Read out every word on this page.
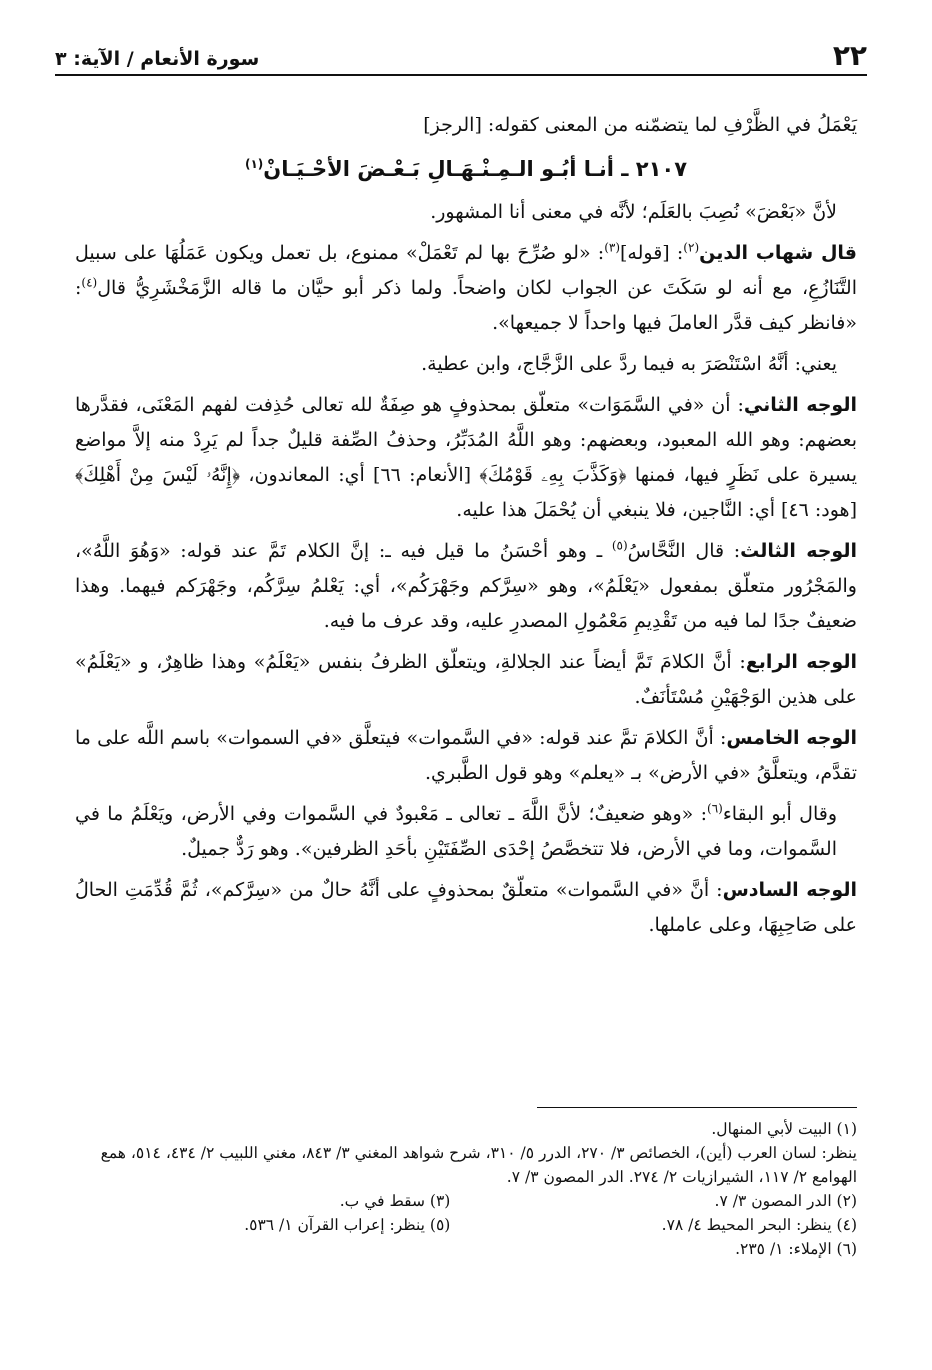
٢٢
سورة الأنعام / الآية: ٣

يَعْمَلُ في الظَّرْفِ لما يتضمّنه من المعنى كقوله: [الرجز]

٢١٠٧ ـ أنـا أبُـو الـمِـنْـهَـالِ بَـعْـضَ الأحْـيَـانْ$^{(١)}$

لأنَّ «بَعْضَ» نُصِبَ بالعَلَم؛ لأنَّه في معنى أنا المشهور.

قال شهاب الدين$^{(٢)}$: [قوله]$^{(٣)}$: «لو صُرِّحَ بها لم تَعْمَلْ» ممنوع، بل تعمل ويكون عَمَلُهَا على سبيل التَّنَازُعِ، مع أنه لو سَكَتَ عن الجواب لكان واضحاً. ولما ذكر أبو حيَّان ما قاله الزَّمَخْشَرِيُّ قال$^{(٤)}$: «فانظر كيف قدَّر العاملَ فيها واحداً لا جميعها».

يعني: أنَّهُ اسْتَنْصَرَ به فيما ردَّ على الزَّجَّاج، وابن عطية.

الوجه الثاني: أن «في السَّمَوَات» متعلّق بمحذوفٍ هو صِفَةٌ لله تعالى حُذِفت لفهم المَعْنَى، فقدَّرها بعضهم: وهو الله المعبود، وبعضهم: وهو اللَّهُ المُدَبِّرُ، وحذفُ الصِّفة قليلٌ جداً لم يَرِدْ منه إلاَّ مواضع يسيرة على نَظَرٍ فيها، فمنها ﴿وَكَذَّبَ بِهِۦ قَوْمُكَ﴾ [الأنعام: ٦٦] أي: المعاندون، ﴿إِنَّهُۥ لَيْسَ مِنْ أَهْلِكَ﴾ [هود: ٤٦] أي: النَّاجين، فلا ينبغي أن يُحْمَلَ هذا عليه.

الوجه الثالث: قال النَّحَّاسُ$^{(٥)}$ ـ وهو أحْسَنُ ما قيل فيه ـ: إنَّ الكلام تَمَّ عند قوله: «وَهُوَ اللَّهُ»، والمَجْرُور متعلّق بمفعول «يَعْلَمُ»، وهو «سِرَّكم وجَهْرَكُم»، أي: يَعْلمُ سِرَّكُم، وجَهْرَكم فيهما. وهذا ضعيفٌ جدًا لما فيه من تَقْدِيمِ مَعْمُولِ المصدرِ عليه، وقد عرف ما فيه.

الوجه الرابع: أنَّ الكلامَ تَمَّ أيضاً عند الجلالةِ، ويتعلّق الظرفُ بنفس «يَعْلَمُ» وهذا ظاهِرٌ، و «يَعْلَمُ» على هذين الوَجْهَيْنِ مُسْتَأنَفٌ.

الوجه الخامس: أنَّ الكلامَ تمَّ عند قوله: «في السَّموات» فيتعلَّق «في السموات» باسم اللَّه على ما تقدَّم، ويتعلَّقُ «في الأرض» بـ «يعلم» وهو قول الطَّبري.

وقال أبو البقاء$^{(٦)}$: «وهو ضعيفٌ؛ لأنَّ اللَّهَ ـ تعالى ـ مَعْبودٌ في السَّموات وفي الأرض، ويَعْلَمُ ما في السَّموات، وما في الأرض، فلا تتخصَّصُ إحْدَى الصِّفَتَيْنِ بأحَدِ الظرفين». وهو رَدٌّ جميلٌ.

الوجه السادس: أنَّ «في السَّموات» متعلّقٌ بمحذوفٍ على أنَّهُ حالٌ من «سِرَّكم»، ثُمَّ قُدِّمَتِ الحالُ على صَاحِبِهَا، وعلى عاملها.

(١) البيت لأبي المنهال.

ينظر: لسان العرب (أين)، الخصائص ٣/ ٢٧٠، الدرر ٥/ ٣١٠، شرح شواهد المغني ٣/ ٨٤٣، مغني اللبيب ٢/ ٤٣٤، ٥١٤، همع الهوامع ٢/ ١١٧، الشيرازيات ٢/ ٢٧٤. الدر المصون ٣/ ٧.

(٢) الدر المصون ٣/ ٧.

(٣) سقط في ب.

(٤) ينظر: البحر المحيط ٤/ ٧٨.

(٥) ينظر: إعراب القرآن ١/ ٥٣٦.

(٦) الإملاء: ١/ ٢٣٥.
